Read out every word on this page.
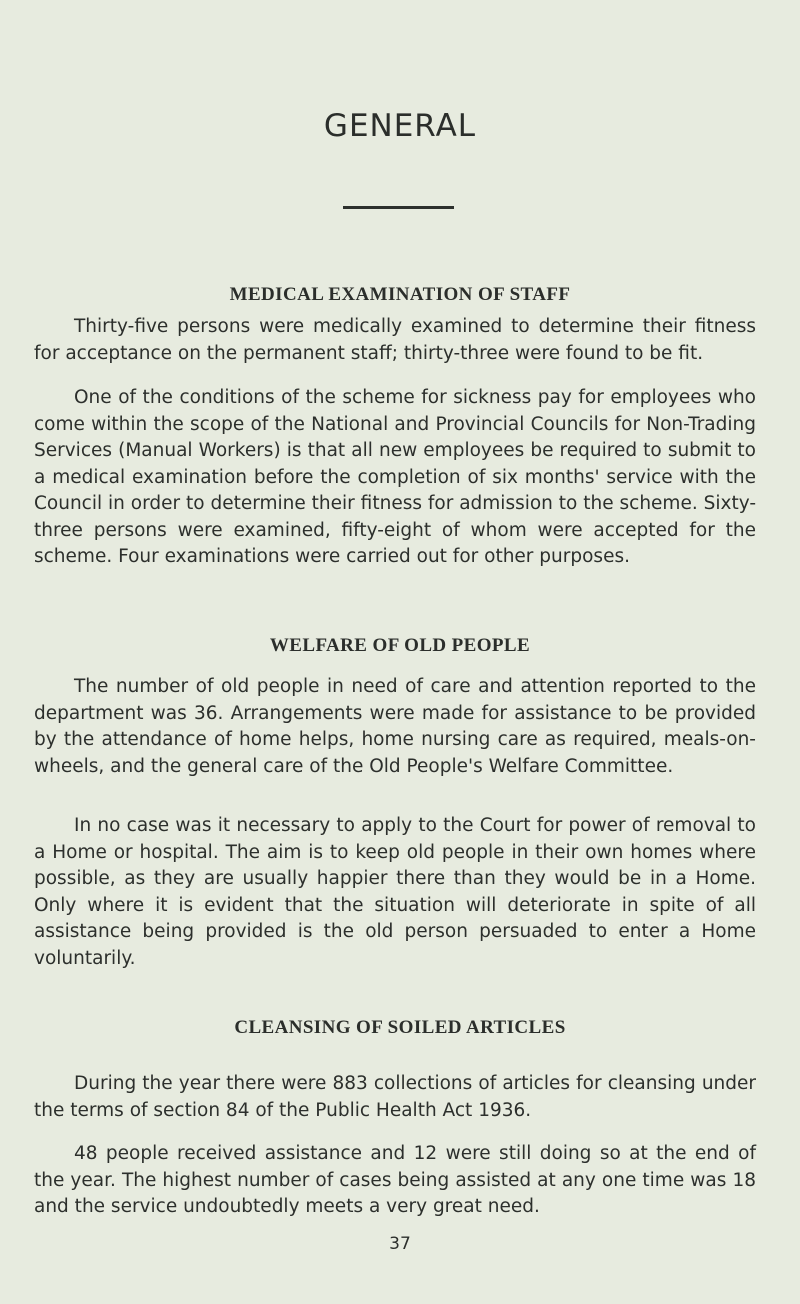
GENERAL
MEDICAL EXAMINATION OF STAFF

Thirty-five persons were medically examined to determine their fitness for acceptance on the permanent staff; thirty-three were found to be fit.

One of the conditions of the scheme for sickness pay for employees who come within the scope of the National and Provincial Councils for Non-Trading Services (Manual Workers) is that all new employees be required to submit to a medical examination before the completion of six months' service with the Council in order to determine their fitness for admission to the scheme. Sixty-three persons were examined, fifty-eight of whom were accepted for the scheme. Four examinations were carried out for other purposes.

WELFARE OF OLD PEOPLE

The number of old people in need of care and attention reported to the department was 36. Arrangements were made for assistance to be provided by the attendance of home helps, home nursing care as required, meals-on-wheels, and the general care of the Old People's Welfare Committee.

In no case was it necessary to apply to the Court for power of removal to a Home or hospital. The aim is to keep old people in their own homes where possible, as they are usually happier there than they would be in a Home. Only where it is evident that the situation will deteriorate in spite of all assistance being provided is the old person persuaded to enter a Home voluntarily.

CLEANSING OF SOILED ARTICLES

During the year there were 883 collections of articles for cleansing under the terms of section 84 of the Public Health Act 1936.

48 people received assistance and 12 were still doing so at the end of the year. The highest number of cases being assisted at any one time was 18 and the service undoubtedly meets a very great need.

37
